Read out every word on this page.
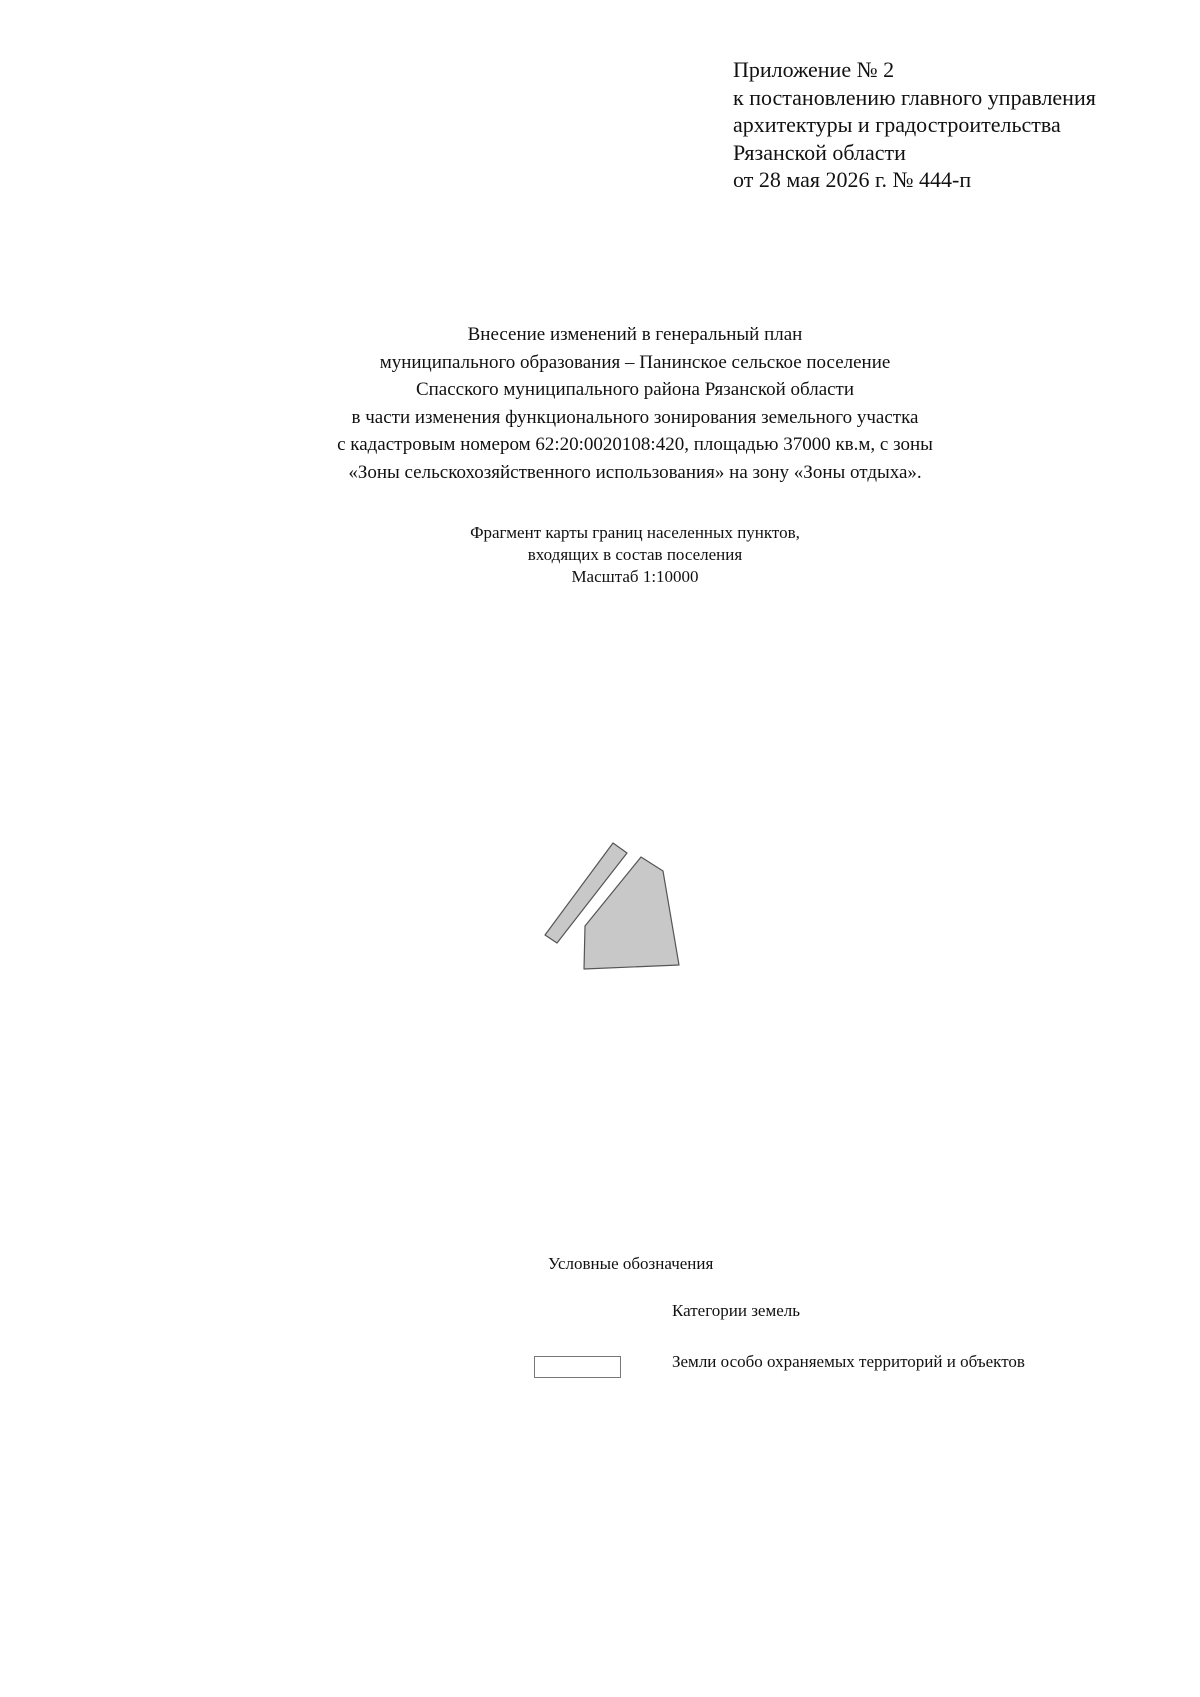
Приложение № 2
к постановлению главного управления
архитектуры и градостроительства
Рязанской области
от 28 мая 2026 г. № 444-п
Внесение изменений в генеральный план
муниципального образования – Панинское сельское поселение
Спасского муниципального района Рязанской области
в части изменения функционального зонирования земельного участка
с кадастровым номером 62:20:0020108:420, площадью 37000 кв.м, с зоны
«Зоны сельскохозяйственного использования» на зону «Зоны отдыха».
Фрагмент карты границ населенных пунктов,
входящих в состав поселения
Масштаб 1:10000
Условные обозначения
Категории земель
Земли особо охраняемых территорий и объектов
